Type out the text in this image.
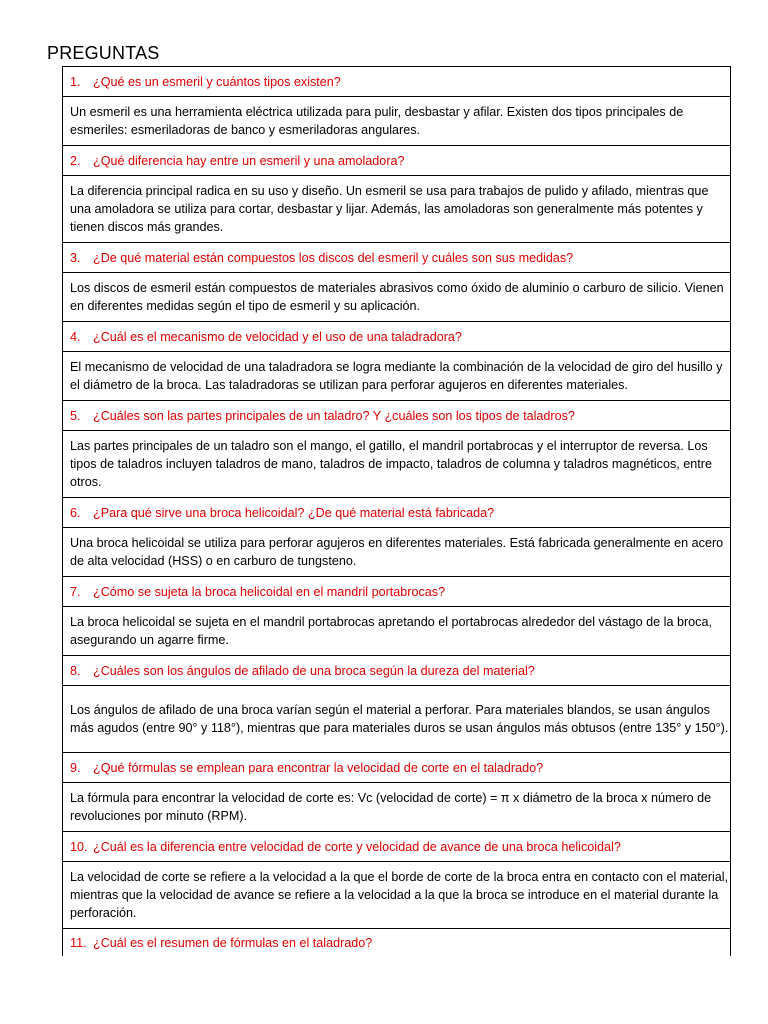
PREGUNTAS
1. ¿Qué es un esmeril y cuántos tipos existen?
Un esmeril es una herramienta eléctrica utilizada para pulir, desbastar y afilar. Existen dos tipos principales de esmeriles: esmeriladoras de banco y esmeriladoras angulares.
2. ¿Qué diferencia hay entre un esmeril y una amoladora?
La diferencia principal radica en su uso y diseño. Un esmeril se usa para trabajos de pulido y afilado, mientras que una amoladora se utiliza para cortar, desbastar y lijar. Además, las amoladoras son generalmente más potentes y tienen discos más grandes.
3. ¿De qué material están compuestos los discos del esmeril y cuáles son sus medidas?
Los discos de esmeril están compuestos de materiales abrasivos como óxido de aluminio o carburo de silicio. Vienen en diferentes medidas según el tipo de esmeril y su aplicación.
4. ¿Cuál es el mecanismo de velocidad y el uso de una taladradora?
El mecanismo de velocidad de una taladradora se logra mediante la combinación de la velocidad de giro del husillo y el diámetro de la broca. Las taladradoras se utilizan para perforar agujeros en diferentes materiales.
5. ¿Cuáles son las partes principales de un taladro? Y ¿cuáles son los tipos de taladros?
Las partes principales de un taladro son el mango, el gatillo, el mandril portabrocas y el interruptor de reversa. Los tipos de taladros incluyen taladros de mano, taladros de impacto, taladros de columna y taladros magnéticos, entre otros.
6. ¿Para qué sirve una broca helicoidal? ¿De qué material está fabricada?
Una broca helicoidal se utiliza para perforar agujeros en diferentes materiales. Está fabricada generalmente en acero de alta velocidad (HSS) o en carburo de tungsteno.
7. ¿Cómo se sujeta la broca helicoidal en el mandril portabrocas?
La broca helicoidal se sujeta en el mandril portabrocas apretando el portabrocas alrededor del vástago de la broca, asegurando un agarre firme.
8. ¿Cuáles son los ángulos de afilado de una broca según la dureza del material?
Los ángulos de afilado de una broca varían según el material a perforar. Para materiales blandos, se usan ángulos más agudos (entre 90° y 118°), mientras que para materiales duros se usan ángulos más obtusos (entre 135° y 150°).
9. ¿Qué fórmulas se emplean para encontrar la velocidad de corte en el taladrado?
La fórmula para encontrar la velocidad de corte es: Vc (velocidad de corte) = π x diámetro de la broca x número de revoluciones por minuto (RPM).
10. ¿Cuál es la diferencia entre velocidad de corte y velocidad de avance de una broca helicoidal?
La velocidad de corte se refiere a la velocidad a la que el borde de corte de la broca entra en contacto con el material, mientras que la velocidad de avance se refiere a la velocidad a la que la broca se introduce en el material durante la perforación.
11. ¿Cuál es el resumen de fórmulas en el taladrado?
